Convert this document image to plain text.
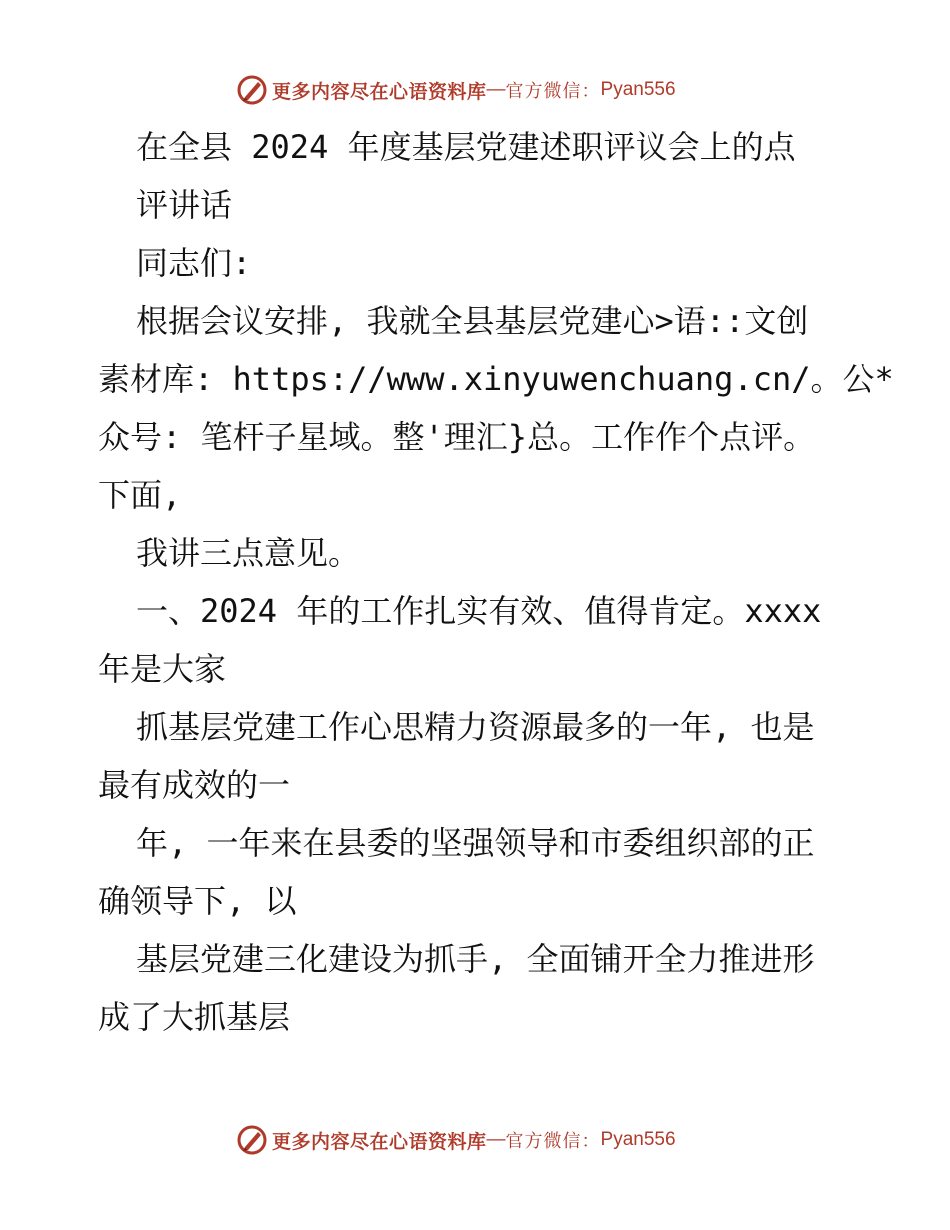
更多内容尽在心语资料库 — 官方微信： Pyan556
在全县 2024 年度基层党建述职评议会上的点
评讲话
同志们:
根据会议安排, 我就全县基层党建心>语::文创
素材库: https://www.xinyuwenchuang.cn/。公*
众号: 笔杆子星域。整'理汇}总。工作作个点评。
下面,
我讲三点意见。
一、2024 年的工作扎实有效、值得肯定。xxxx
年是大家
抓基层党建工作心思精力资源最多的一年, 也是
最有成效的一
年, 一年来在县委的坚强领导和市委组织部的正
确领导下, 以
基层党建三化建设为抓手, 全面铺开全力推进形
成了大抓基层
更多内容尽在心语资料库 — 官方微信： Pyan556
